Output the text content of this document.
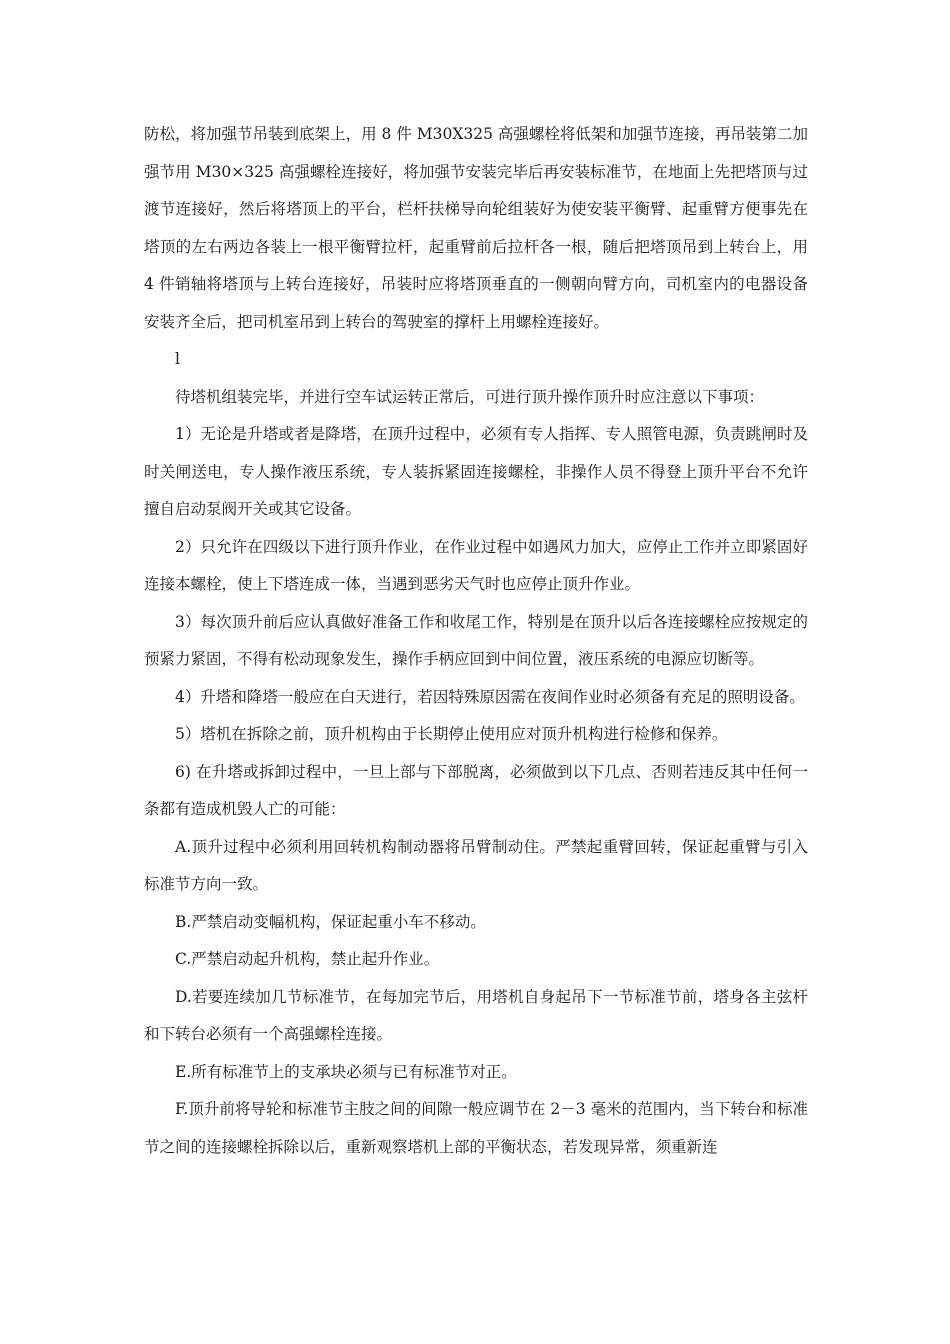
防松，将加强节吊装到底架上，用 8 件 M30X325 高强螺栓将低架和加强节连接，再吊装第二加强节用 M30×325 高强螺栓连接好，将加强节安装完毕后再安装标准节，在地面上先把塔顶与过渡节连接好，然后将塔顶上的平台，栏杆扶梯导向轮组装好为使安装平衡臂、起重臂方便事先在塔顶的左右两边各装上一根平衡臂拉杆，起重臂前后拉杆各一根，随后把塔顶吊到上转台上，用 4 件销轴将塔顶与上转台连接好，吊装时应将塔顶垂直的一侧朝向臂方向，司机室内的电器设备安装齐全后，把司机室吊到上转台的驾驶室的撑杆上用螺栓连接好。

l

待塔机组装完毕，并进行空车试运转正常后，可进行顶升操作顶升时应注意以下事项：

1）无论是升塔或者是降塔，在顶升过程中，必须有专人指挥、专人照管电源，负责跳闸时及时关闸送电，专人操作液压系统，专人装拆紧固连接螺栓，非操作人员不得登上顶升平台不允许擅自启动泵阀开关或其它设备。

2）只允许在四级以下进行顶升作业，在作业过程中如遇风力加大，应停止工作并立即紧固好连接本螺栓，使上下塔连成一体，当遇到恶劣天气时也应停止顶升作业。

3）每次顶升前后应认真做好准备工作和收尾工作，特别是在顶升以后各连接螺栓应按规定的预紧力紧固，不得有松动现象发生，操作手柄应回到中间位置，液压系统的电源应切断等。

4）升塔和降塔一般应在白天进行，若因特殊原因需在夜间作业时必须备有充足的照明设备。

5）塔机在拆除之前，顶升机构由于长期停止使用应对顶升机构进行检修和保养。

6) 在升塔或拆卸过程中，一旦上部与下部脱离，必须做到以下几点、否则若违反其中任何一条都有造成机毁人亡的可能：

A.顶升过程中必须利用回转机构制动器将吊臂制动住。严禁起重臂回转，保证起重臂与引入标准节方向一致。

B.严禁启动变幅机构，保证起重小车不移动。

C.严禁启动起升机构，禁止起升作业。

D.若要连续加几节标准节，在每加完节后，用塔机自身起吊下一节标准节前，塔身各主弦杆和下转台必须有一个高强螺栓连接。

E.所有标准节上的支承块必须与已有标准节对正。

F.顶升前将导轮和标准节主肢之间的间隙一般应调节在 2－3 毫米的范围内，当下转台和标准节之间的连接螺栓拆除以后，重新观察塔机上部的平衡状态，若发现异常，须重新连
